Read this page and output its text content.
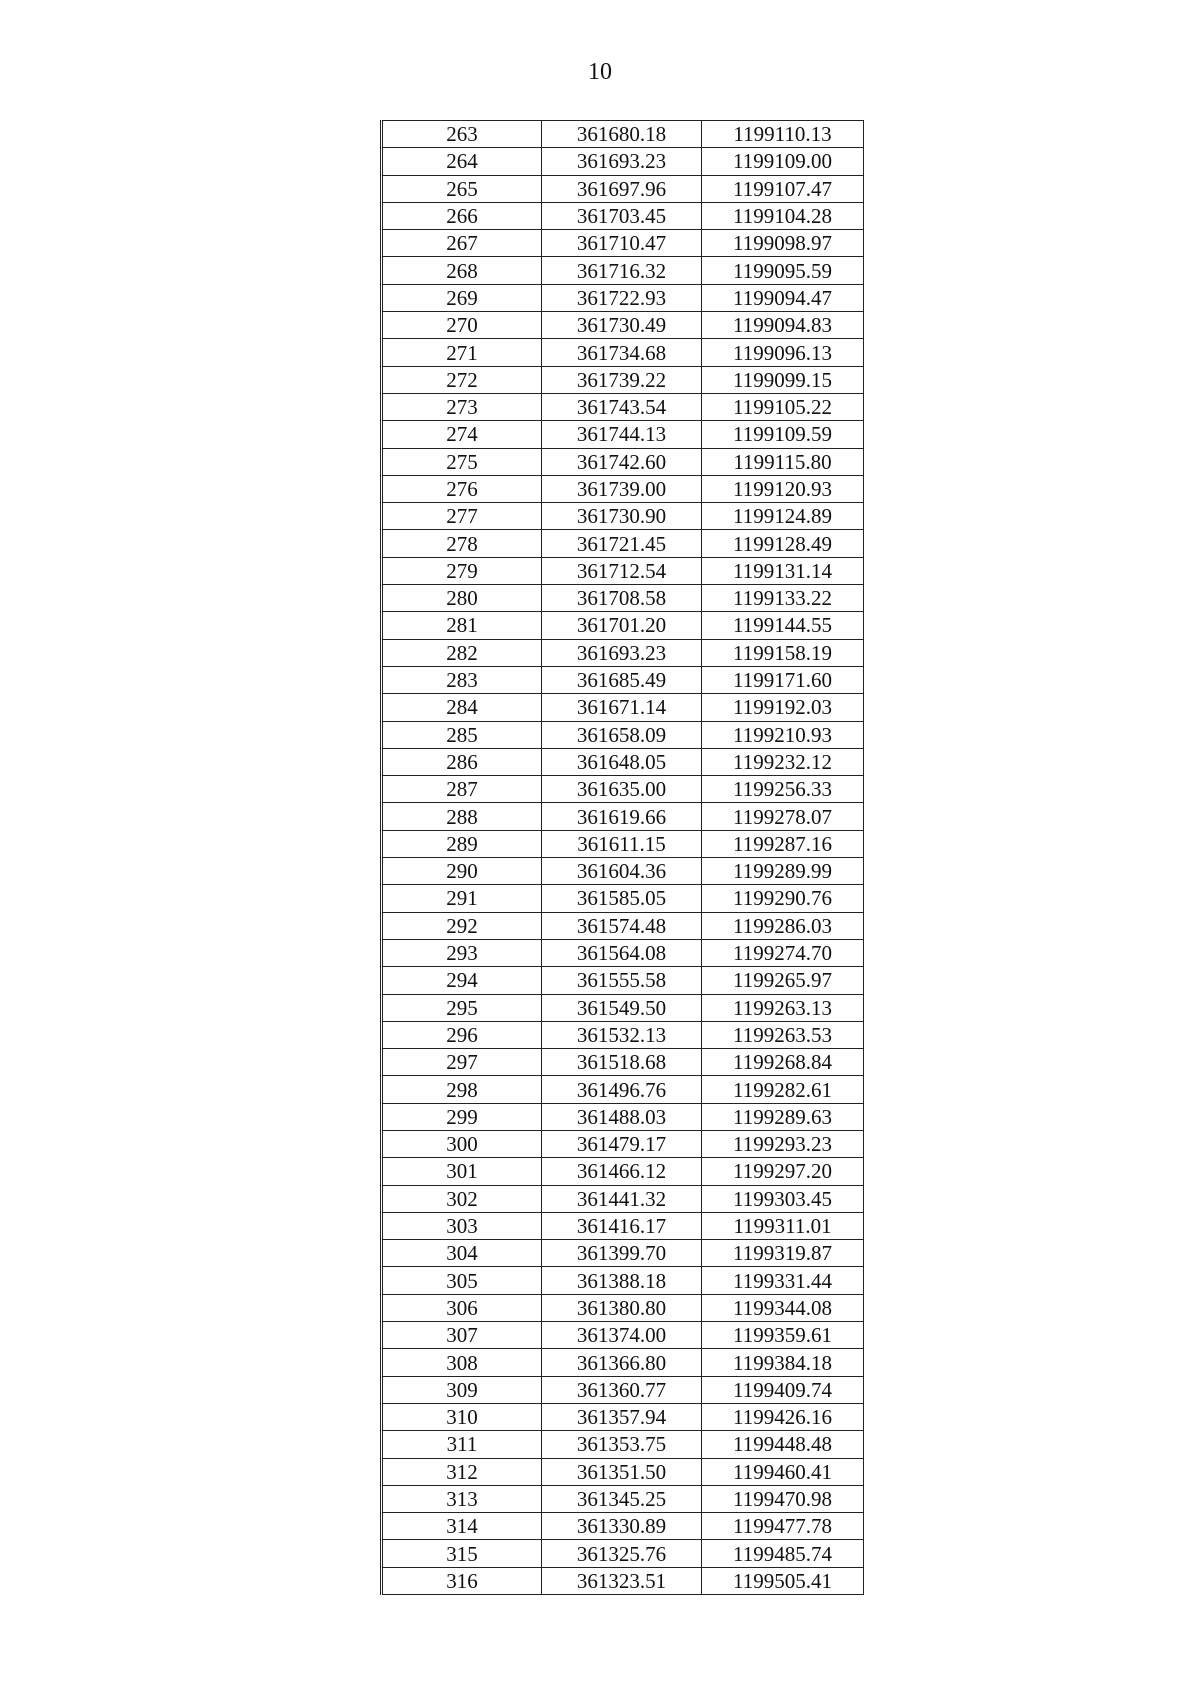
10
263	361680.18	1199110.13
264	361693.23	1199109.00
265	361697.96	1199107.47
266	361703.45	1199104.28
267	361710.47	1199098.97
268	361716.32	1199095.59
269	361722.93	1199094.47
270	361730.49	1199094.83
271	361734.68	1199096.13
272	361739.22	1199099.15
273	361743.54	1199105.22
274	361744.13	1199109.59
275	361742.60	1199115.80
276	361739.00	1199120.93
277	361730.90	1199124.89
278	361721.45	1199128.49
279	361712.54	1199131.14
280	361708.58	1199133.22
281	361701.20	1199144.55
282	361693.23	1199158.19
283	361685.49	1199171.60
284	361671.14	1199192.03
285	361658.09	1199210.93
286	361648.05	1199232.12
287	361635.00	1199256.33
288	361619.66	1199278.07
289	361611.15	1199287.16
290	361604.36	1199289.99
291	361585.05	1199290.76
292	361574.48	1199286.03
293	361564.08	1199274.70
294	361555.58	1199265.97
295	361549.50	1199263.13
296	361532.13	1199263.53
297	361518.68	1199268.84
298	361496.76	1199282.61
299	361488.03	1199289.63
300	361479.17	1199293.23
301	361466.12	1199297.20
302	361441.32	1199303.45
303	361416.17	1199311.01
304	361399.70	1199319.87
305	361388.18	1199331.44
306	361380.80	1199344.08
307	361374.00	1199359.61
308	361366.80	1199384.18
309	361360.77	1199409.74
310	361357.94	1199426.16
311	361353.75	1199448.48
312	361351.50	1199460.41
313	361345.25	1199470.98
314	361330.89	1199477.78
315	361325.76	1199485.74
316	361323.51	1199505.41
